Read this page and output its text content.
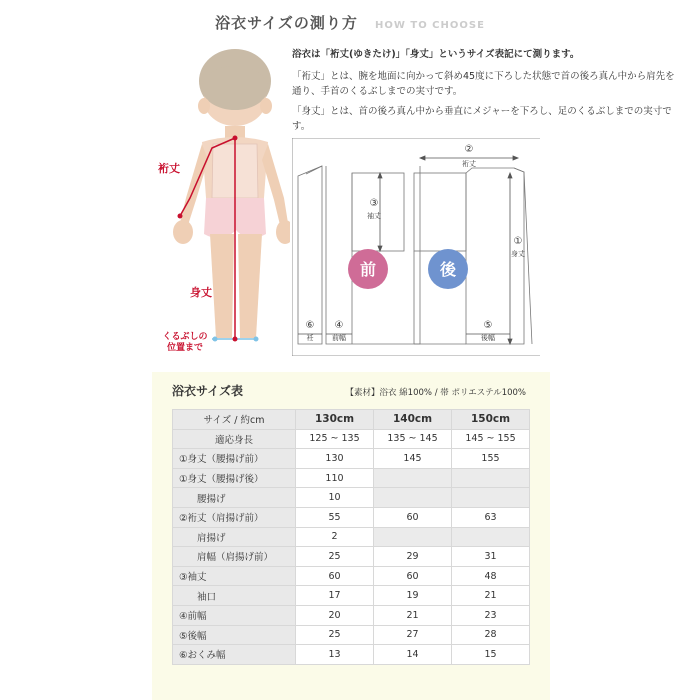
浴衣サイズの測り方 HOW TO CHOOSE

浴衣は「裄丈(ゆきたけ)」「身丈」というサイズ表記にて測ります。

「裄丈」とは、腕を地面に向かって斜め45度に下ろした状態で首の後ろ真ん中から肩先を通り、手首のくるぶしまでの実寸です。

「身丈」とは、首の後ろ真ん中から垂直にメジャーを下ろし、足のくるぶしまでの実寸です。

裄丈
身丈
くるぶしの位置まで
前	後
②
裄丈
③
袖丈
①
身丈
⑥
衽
④
前幅
⑤
後幅
浴衣サイズ表	【素材】浴衣 綿100% / 帯 ポリエステル100%
サイズ / 約cm	130cm	140cm	150cm
適応身長	125 ~ 135	135 ~ 145	145 ~ 155
①身丈（腰揚げ前）	130	145	155
①身丈（腰揚げ後）	110		
腰揚げ	10		
②裄丈（肩揚げ前）	55	60	63
肩揚げ	2		
肩幅（肩揚げ前）	25	29	31
③袖丈	60	60	48
袖口	17	19	21
④前幅	20	21	23
⑤後幅	25	27	28
⑥おくみ幅	13	14	15
